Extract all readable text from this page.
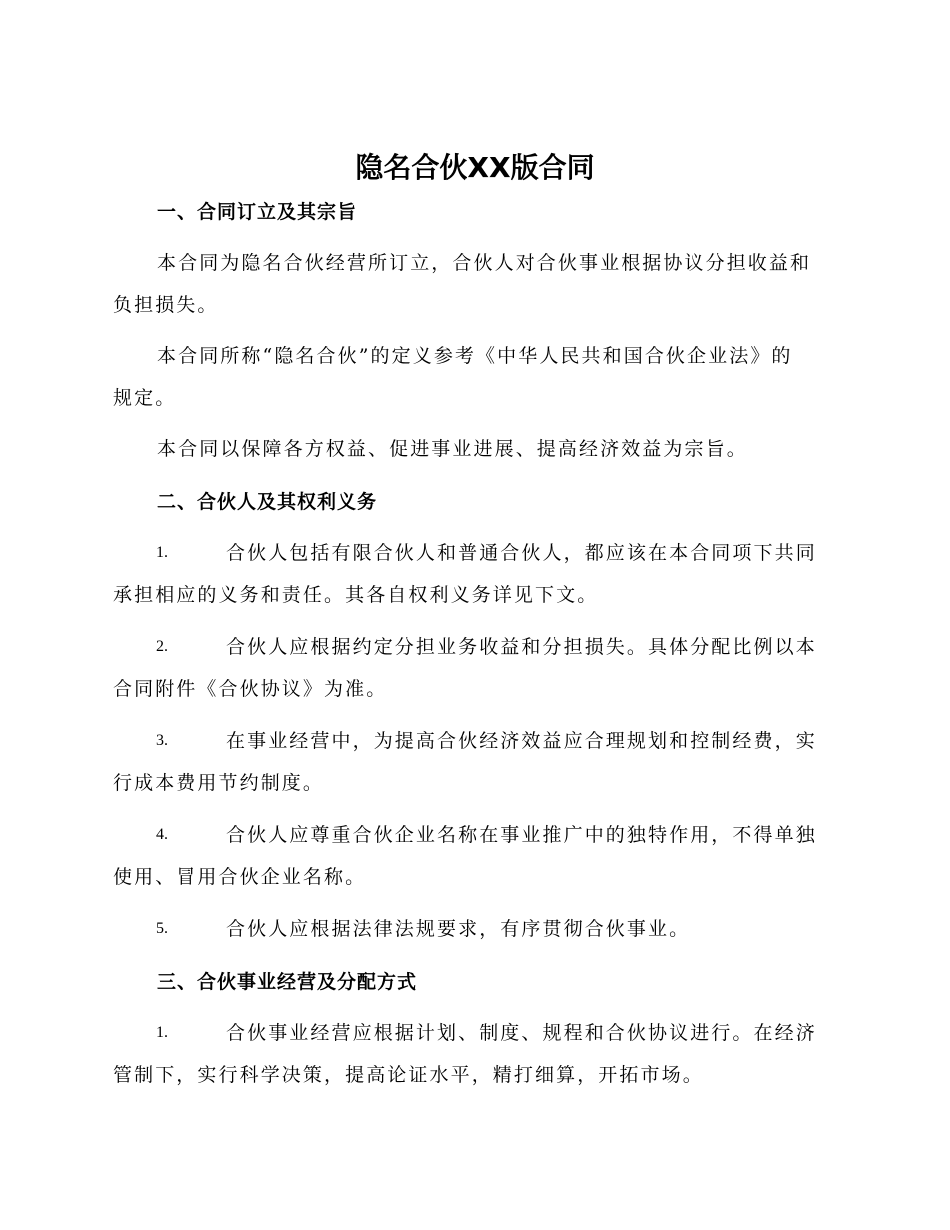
隐名合伙XX版合同
一、合同订立及其宗旨
本合同为隐名合伙经营所订立，合伙人对合伙事业根据协议分担收益和
负担损失。
本合同所称“隐名合伙”的定义参考《中华人民共和国合伙企业法》的
规定。
本合同以保障各方权益、促进事业进展、提高经济效益为宗旨。
二、合伙人及其权利义务
1.	合伙人包括有限合伙人和普通合伙人，都应该在本合同项下共同
承担相应的义务和责任。其各自权利义务详见下文。
2.	合伙人应根据约定分担业务收益和分担损失。具体分配比例以本
合同附件《合伙协议》为准。
3.	在事业经营中，为提高合伙经济效益应合理规划和控制经费，实
行成本费用节约制度。
4.	合伙人应尊重合伙企业名称在事业推广中的独特作用，不得单独
使用、冒用合伙企业名称。
5.	合伙人应根据法律法规要求，有序贯彻合伙事业。
三、合伙事业经营及分配方式
1.	合伙事业经营应根据计划、制度、规程和合伙协议进行。在经济
管制下，实行科学决策，提高论证水平，精打细算，开拓市场。
